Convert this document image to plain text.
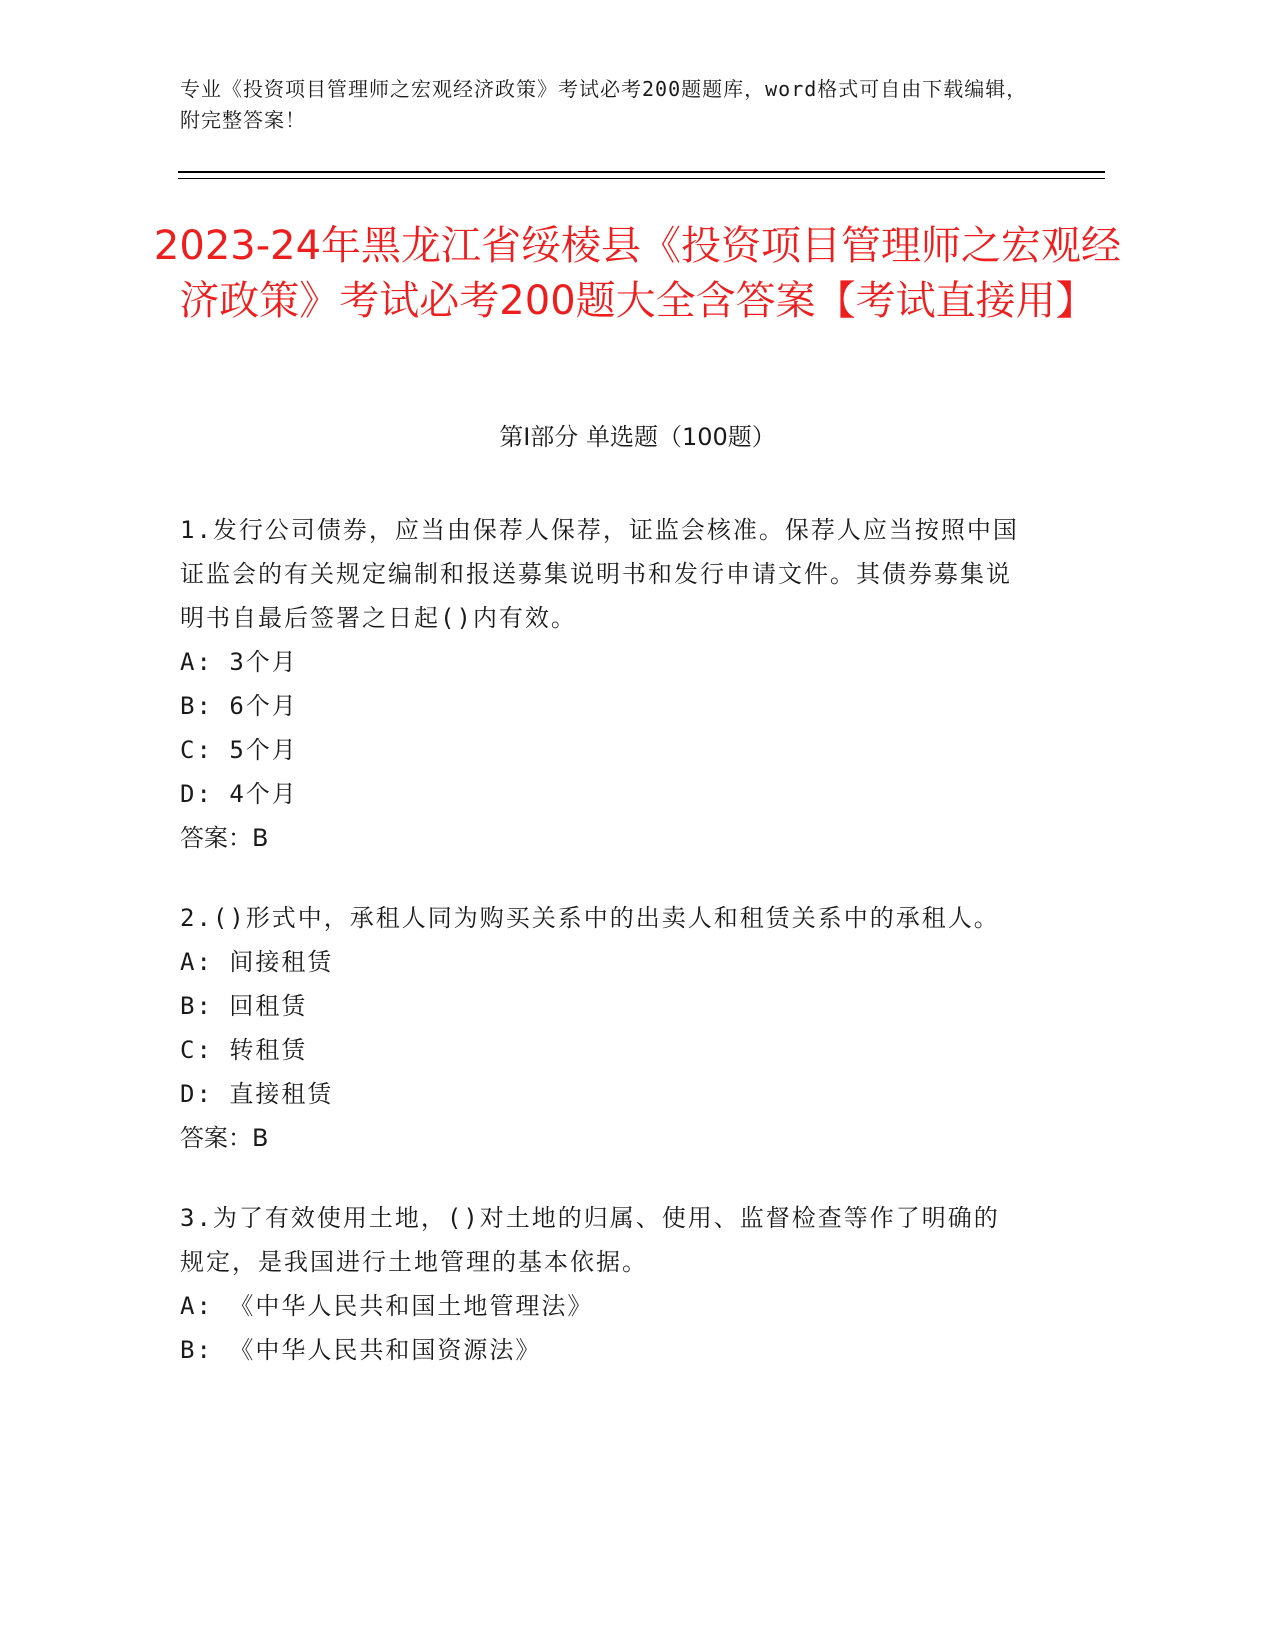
专业《投资项目管理师之宏观经济政策》考试必考200题题库，word格式可自由下载编辑，附完整答案！
2023-24年黑龙江省绥棱县《投资项目管理师之宏观经济政策》考试必考200题大全含答案【考试直接用】
第I部分 单选题（100题）

1.发行公司债券，应当由保荐人保荐，证监会核准。保荐人应当按照中国证监会的有关规定编制和报送募集说明书和发行申请文件。其债券募集说明书自最后签署之日起()内有效。

A: 3个月

B: 6个月

C: 5个月

D: 4个月

答案：B

2.()形式中，承租人同为购买关系中的出卖人和租赁关系中的承租人。

A: 间接租赁

B: 回租赁

C: 转租赁

D: 直接租赁

答案：B

3.为了有效使用土地，()对土地的归属、使用、监督检查等作了明确的规定，是我国进行土地管理的基本依据。

A: 《中华人民共和国土地管理法》

B: 《中华人民共和国资源法》
